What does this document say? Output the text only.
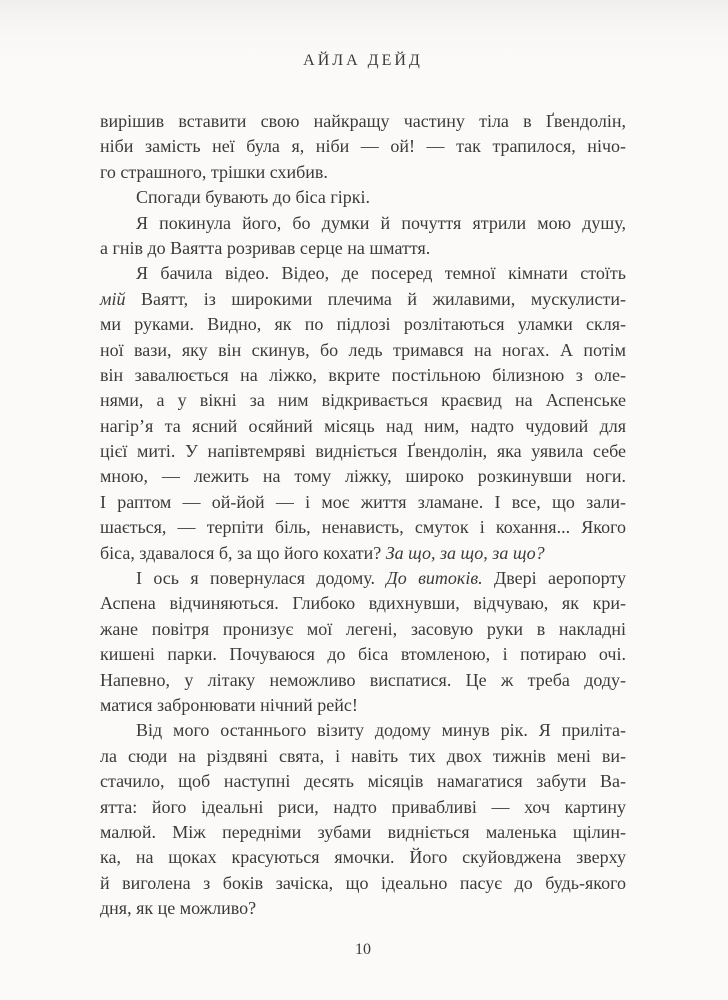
АЙЛА ДЕЙД
вирішив вставити свою найкращу частину тіла в Ґвендолін,
ніби замість неї була я, ніби — ой! — так трапилося, нічо-
го страшного, трішки схибив.
Спогади бувають до біса гіркі.
Я покинула його, бо думки й почуття ятрили мою душу,
а гнів до Ваятта розривав серце на шмаття.
Я бачила відео. Відео, де посеред темної кімнати стоїть
мій Ваятт, із широкими плечима й жилавими, мускулисти-
ми руками. Видно, як по підлозі розлітаються уламки скля-
ної вази, яку він скинув, бо ледь тримався на ногах. А потім
він завалюється на ліжко, вкрите постільною білизною з оле-
нями, а у вікні за ним відкривається краєвид на Аспенське
нагір’я та ясний осяйний місяць над ним, надто чудовий для
цієї миті. У напівтемряві видніється Ґвендолін, яка уявила себе
мною, — лежить на тому ліжку, широко розкинувши ноги.
І раптом — ой-йой — і моє життя зламане. І все, що зали-
шається, — терпіти біль, ненависть, смуток і кохання... Якого
біса, здавалося б, за що його кохати? За що, за що, за що?
І ось я повернулася додому. До витоків. Двері аеропорту
Аспена відчиняються. Глибоко вдихнувши, відчуваю, як кри-
жане повітря пронизує мої легені, засовую руки в накладні
кишені парки. Почуваюся до біса втомленою, і потираю очі.
Напевно, у літаку неможливо виспатися. Це ж треба доду-
матися забронювати нічний рейс!
Від мого останнього візиту додому минув рік. Я приліта-
ла сюди на різдвяні свята, і навіть тих двох тижнів мені ви-
стачило, щоб наступні десять місяців намагатися забути Ва-
ятта: його ідеальні риси, надто привабливі — хоч картину
малюй. Між передніми зубами видніється маленька щілин-
ка, на щоках красуються ямочки. Його скуйовджена зверху
й виголена з боків зачіска, що ідеально пасує до будь-якого
дня, як це можливо?
10
